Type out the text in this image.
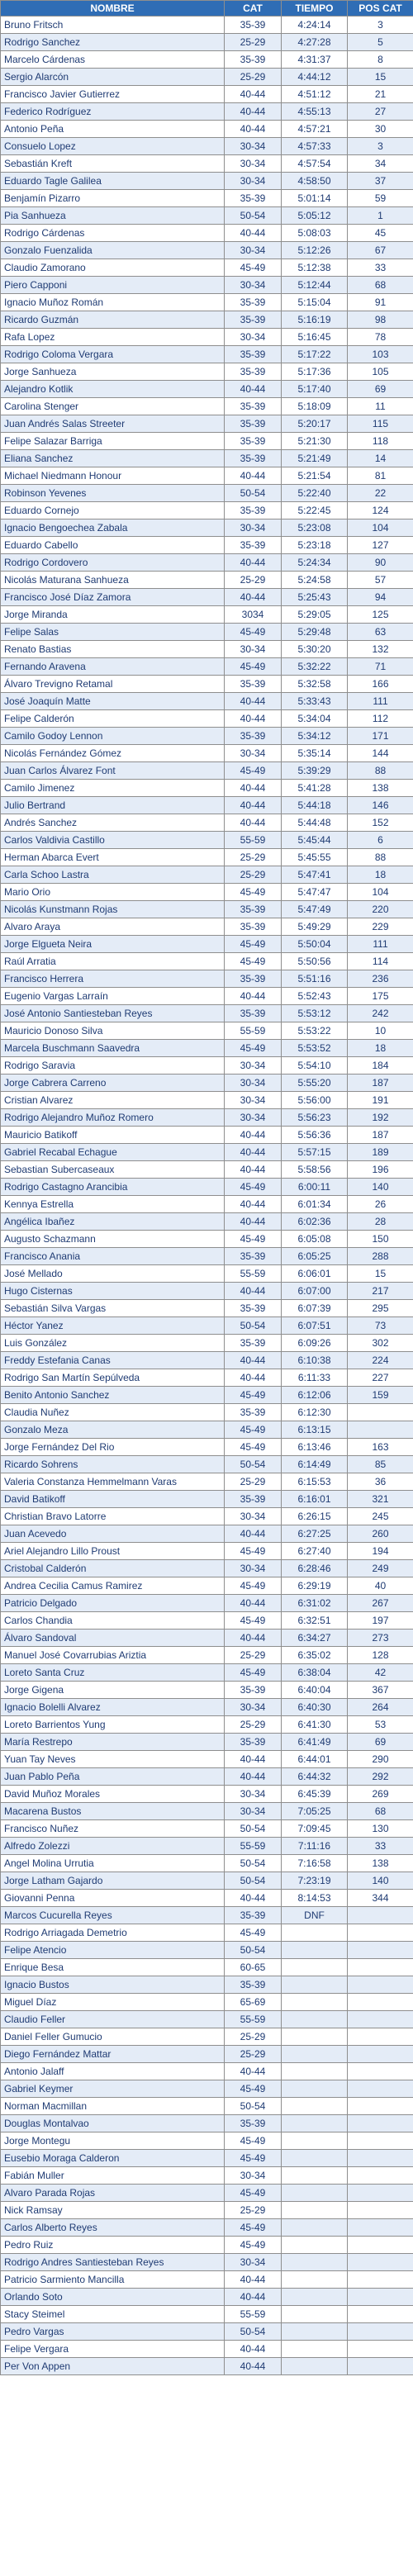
NOMBRE	CAT	TIEMPO	POS CAT
Bruno Fritsch	35-39	4:24:14	3
Rodrigo Sanchez	25-29	4:27:28	5
Marcelo Cárdenas	35-39	4:31:37	8
Sergio Alarcón	25-29	4:44:12	15
Francisco Javier Gutierrez	40-44	4:51:12	21
Federico Rodríguez	40-44	4:55:13	27
Antonio Peña	40-44	4:57:21	30
Consuelo Lopez	30-34	4:57:33	3
Sebastián Kreft	30-34	4:57:54	34
Eduardo Tagle Galilea	30-34	4:58:50	37
Benjamín Pizarro	35-39	5:01:14	59
Pia Sanhueza	50-54	5:05:12	1
Rodrigo Cárdenas	40-44	5:08:03	45
Gonzalo Fuenzalida	30-34	5:12:26	67
Claudio Zamorano	45-49	5:12:38	33
Piero Capponi	30-34	5:12:44	68
Ignacio Muñoz Román	35-39	5:15:04	91
Ricardo Guzmán	35-39	5:16:19	98
Rafa Lopez	30-34	5:16:45	78
Rodrigo Coloma Vergara	35-39	5:17:22	103
Jorge Sanhueza	35-39	5:17:36	105
Alejandro Kotlik	40-44	5:17:40	69
Carolina Stenger	35-39	5:18:09	11
Juan Andrés Salas Streeter	35-39	5:20:17	115
Felipe Salazar Barriga	35-39	5:21:30	118
Eliana Sanchez	35-39	5:21:49	14
Michael Niedmann Honour	40-44	5:21:54	81
Robinson Yevenes	50-54	5:22:40	22
Eduardo Cornejo	35-39	5:22:45	124
Ignacio Bengoechea Zabala	30-34	5:23:08	104
Eduardo Cabello	35-39	5:23:18	127
Rodrigo Cordovero	40-44	5:24:34	90
Nicolás Maturana Sanhueza	25-29	5:24:58	57
Francisco José Díaz Zamora	40-44	5:25:43	94
Jorge Miranda	3034	5:29:05	125
Felipe Salas	45-49	5:29:48	63
Renato Bastias	30-34	5:30:20	132
Fernando Aravena	45-49	5:32:22	71
Álvaro Trevigno Retamal	35-39	5:32:58	166
José Joaquín Matte	40-44	5:33:43	111
Felipe Calderón	40-44	5:34:04	112
Camilo Godoy Lennon	35-39	5:34:12	171
Nicolás Fernández Gómez	30-34	5:35:14	144
Juan Carlos Álvarez Font	45-49	5:39:29	88
Camilo Jimenez	40-44	5:41:28	138
Julio Bertrand	40-44	5:44:18	146
Andrés Sanchez	40-44	5:44:48	152
Carlos Valdivia Castillo	55-59	5:45:44	6
Herman Abarca Evert	25-29	5:45:55	88
Carla Schoo Lastra	25-29	5:47:41	18
Mario Orio	45-49	5:47:47	104
Nicolás Kunstmann Rojas	35-39	5:47:49	220
Alvaro Araya	35-39	5:49:29	229
Jorge Elgueta Neira	45-49	5:50:04	111
Raúl Arratia	45-49	5:50:56	114
Francisco Herrera	35-39	5:51:16	236
Eugenio Vargas Larraín	40-44	5:52:43	175
José Antonio Santiesteban Reyes	35-39	5:53:12	242
Mauricio Donoso Silva	55-59	5:53:22	10
Marcela Buschmann Saavedra	45-49	5:53:52	18
Rodrigo Saravia	30-34	5:54:10	184
Jorge Cabrera Carreno	30-34	5:55:20	187
Cristian Alvarez	30-34	5:56:00	191
Rodrigo Alejandro Muñoz Romero	30-34	5:56:23	192
Mauricio Batikoff	40-44	5:56:36	187
Gabriel Recabal Echague	40-44	5:57:15	189
Sebastian Subercaseaux	40-44	5:58:56	196
Rodrigo Castagno Arancibia	45-49	6:00:11	140
Kennya Estrella	40-44	6:01:34	26
Angélica Ibañez	40-44	6:02:36	28
Augusto Schazmann	45-49	6:05:08	150
Francisco Anania	35-39	6:05:25	288
José Mellado	55-59	6:06:01	15
Hugo Cisternas	40-44	6:07:00	217
Sebastián Silva Vargas	35-39	6:07:39	295
Héctor Yanez	50-54	6:07:51	73
Luis González	35-39	6:09:26	302
Freddy Estefania Canas	40-44	6:10:38	224
Rodrigo San Martín Sepúlveda	40-44	6:11:33	227
Benito Antonio Sanchez	45-49	6:12:06	159
Claudia Nuñez	35-39	6:12:30	
Gonzalo Meza	45-49	6:13:15	
Jorge Fernández Del Rio	45-49	6:13:46	163
Ricardo Sohrens	50-54	6:14:49	85
Valeria Constanza Hemmelmann Varas	25-29	6:15:53	36
David Batikoff	35-39	6:16:01	321
Christian Bravo Latorre	30-34	6:26:15	245
Juan Acevedo	40-44	6:27:25	260
Ariel Alejandro Lillo Proust	45-49	6:27:40	194
Cristobal Calderón	30-34	6:28:46	249
Andrea Cecilia Camus Ramirez	45-49	6:29:19	40
Patricio Delgado	40-44	6:31:02	267
Carlos Chandia	45-49	6:32:51	197
Álvaro Sandoval	40-44	6:34:27	273
Manuel José Covarrubias Ariztia	25-29	6:35:02	128
Loreto Santa Cruz	45-49	6:38:04	42
Jorge Gigena	35-39	6:40:04	367
Ignacio Bolelli Alvarez	30-34	6:40:30	264
Loreto Barrientos Yung	25-29	6:41:30	53
María Restrepo	35-39	6:41:49	69
Yuan Tay Neves	40-44	6:44:01	290
Juan Pablo Peña	40-44	6:44:32	292
David Muñoz Morales	30-34	6:45:39	269
Macarena Bustos	30-34	7:05:25	68
Francisco Nuñez	50-54	7:09:45	130
Alfredo Zolezzi	55-59	7:11:16	33
Angel Molina Urrutia	50-54	7:16:58	138
Jorge Latham Gajardo	50-54	7:23:19	140
Giovanni Penna	40-44	8:14:53	344
Marcos Cucurella Reyes	35-39	DNF	
Rodrigo Arriagada Demetrio	45-49		
Felipe Atencio	50-54		
Enrique Besa	60-65		
Ignacio Bustos	35-39		
Miguel Díaz	65-69		
Claudio Feller	55-59		
Daniel Feller Gumucio	25-29		
Diego Fernández Mattar	25-29		
Antonio Jalaff	40-44		
Gabriel Keymer	45-49		
Norman Macmillan	50-54		
Douglas Montalvao	35-39		
Jorge Montegu	45-49		
Eusebio Moraga Calderon	45-49		
Fabián Muller	30-34		
Alvaro Parada Rojas	45-49		
Nick Ramsay	25-29		
Carlos Alberto Reyes	45-49		
Pedro Ruiz	45-49		
Rodrigo Andres Santiesteban Reyes	30-34		
Patricio Sarmiento Mancilla	40-44		
Orlando Soto	40-44		
Stacy Steimel	55-59		
Pedro Vargas	50-54		
Felipe Vergara	40-44		
Per Von Appen	40-44		
